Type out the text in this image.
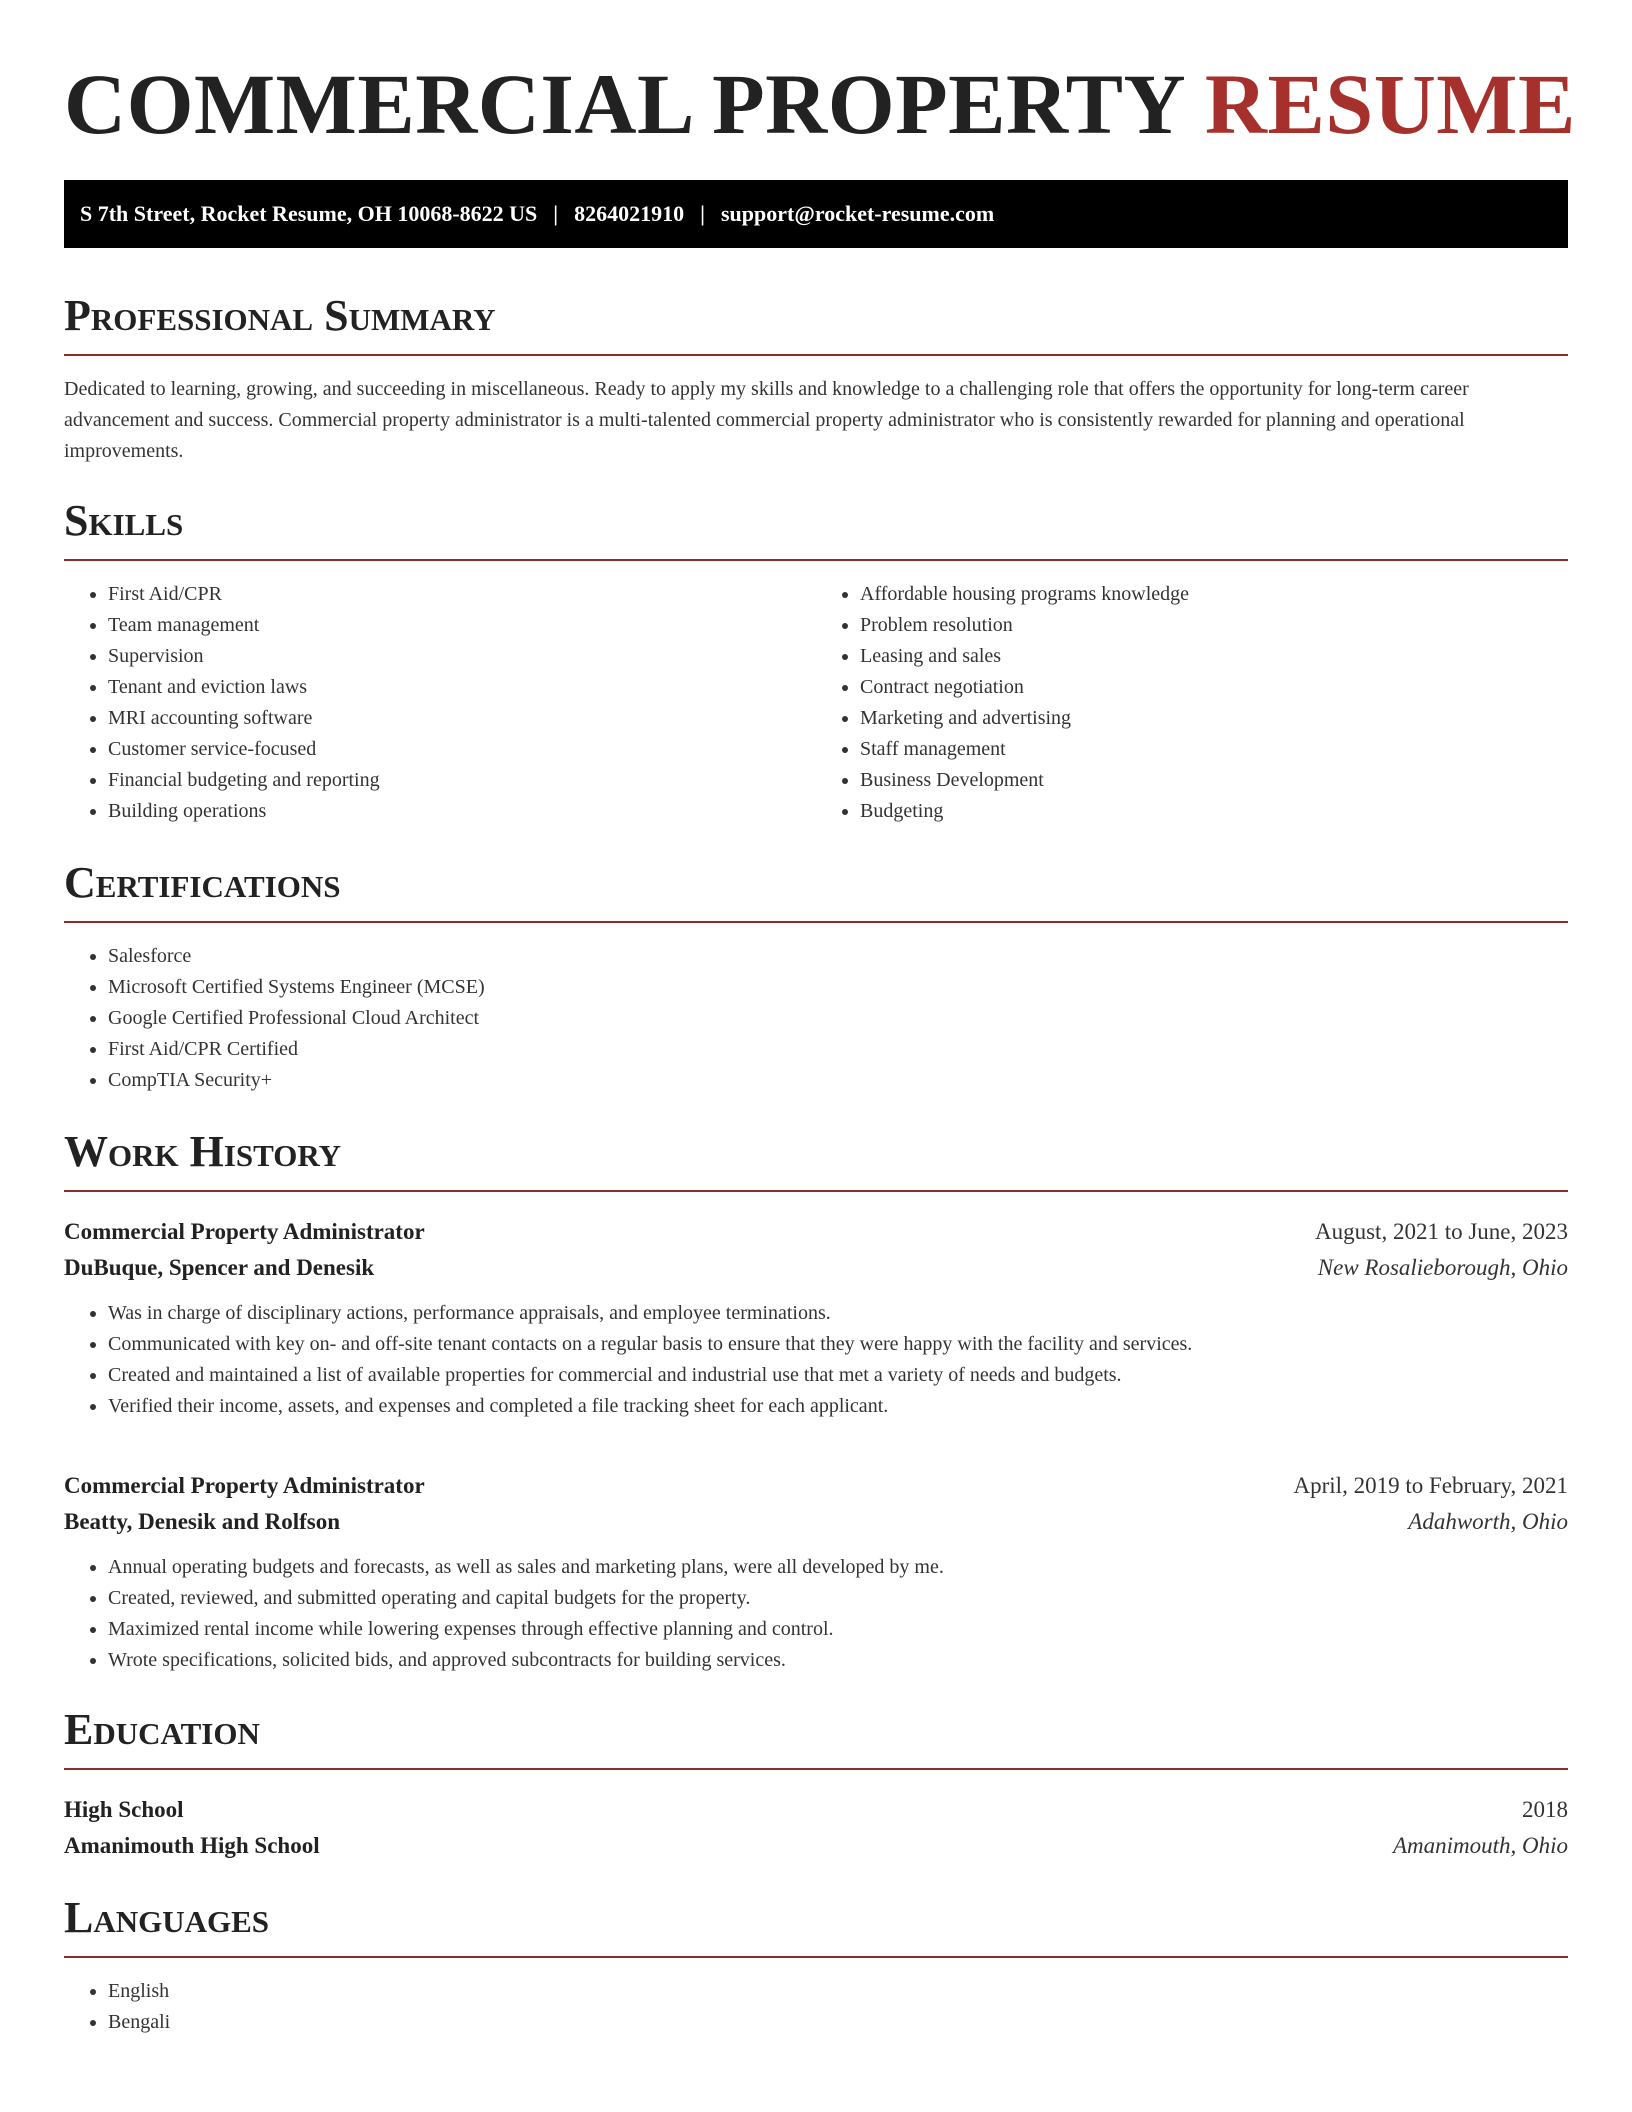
COMMERCIAL PROPERTY RESUME
S 7th Street, Rocket Resume, OH 10068-8622 US | 8264021910 | support@rocket-resume.com
Professional Summary

Dedicated to learning, growing, and succeeding in miscellaneous. Ready to apply my skills and knowledge to a challenging role that offers the opportunity for long-term career advancement and success. Commercial property administrator is a multi-talented commercial property administrator who is consistently rewarded for planning and operational improvements.

Skills
• First Aid/CPR
• Team management
• Supervision
• Tenant and eviction laws
• MRI accounting software
• Customer service-focused
• Financial budgeting and reporting
• Building operations
• Affordable housing programs knowledge
• Problem resolution
• Leasing and sales
• Contract negotiation
• Marketing and advertising
• Staff management
• Business Development
• Budgeting
Certifications
• Salesforce
• Microsoft Certified Systems Engineer (MCSE)
• Google Certified Professional Cloud Architect
• First Aid/CPR Certified
• CompTIA Security+
Work History
Commercial Property Administrator	August, 2021 to June, 2023
DuBuque, Spencer and Denesik	New Rosalieborough, Ohio
• Was in charge of disciplinary actions, performance appraisals, and employee terminations.
• Communicated with key on- and off-site tenant contacts on a regular basis to ensure that they were happy with the facility and services.
• Created and maintained a list of available properties for commercial and industrial use that met a variety of needs and budgets.
• Verified their income, assets, and expenses and completed a file tracking sheet for each applicant.
Commercial Property Administrator	April, 2019 to February, 2021
Beatty, Denesik and Rolfson	Adahworth, Ohio
• Annual operating budgets and forecasts, as well as sales and marketing plans, were all developed by me.
• Created, reviewed, and submitted operating and capital budgets for the property.
• Maximized rental income while lowering expenses through effective planning and control.
• Wrote specifications, solicited bids, and approved subcontracts for building services.
Education
High School	2018
Amanimouth High School	Amanimouth, Ohio
Languages
• English
• Bengali
